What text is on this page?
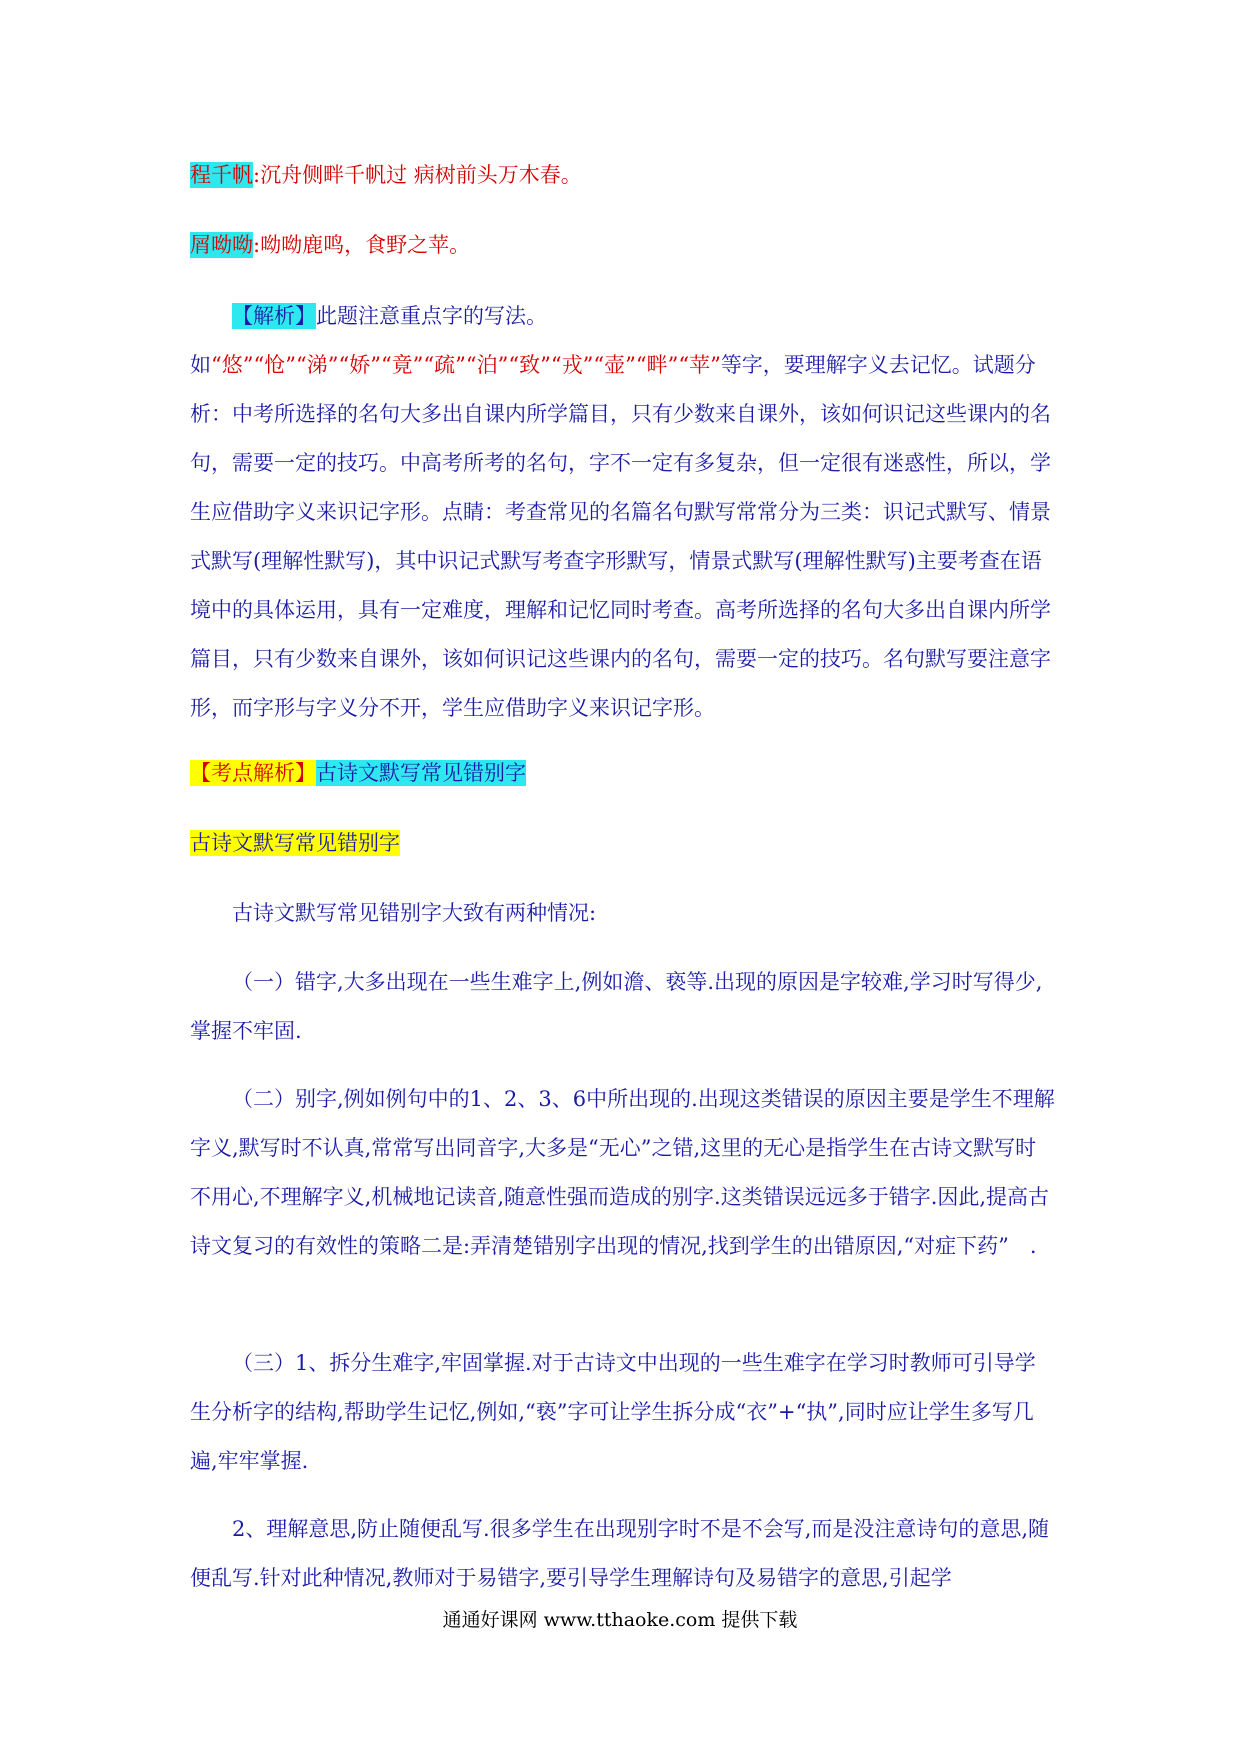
程千帆:沉舟侧畔千帆过 病树前头万木春。
屑呦呦:呦呦鹿鸣，食野之苹。
【解析】此题注意重点字的写法。如“悠”“怆”“涕”“娇”“竟”“疏”“泊”“致”“戎”“壶”“畔”“苹”等字，要理解字义去记忆。试题分析：中考所选择的名句大多出自课内所学篇目，只有少数来自课外，该如何识记这些课内的名句，需要一定的技巧。中高考所考的名句，字不一定有多复杂，但一定很有迷惑性，所以，学生应借助字义来识记字形。点睛：考查常见的名篇名句默写常常分为三类：识记式默写、情景式默写(理解性默写)，其中识记式默写考查字形默写，情景式默写(理解性默写)主要考查在语境中的具体运用，具有一定难度，理解和记忆同时考查。高考所选择的名句大多出自课内所学篇目，只有少数来自课外，该如何识记这些课内的名句，需要一定的技巧。名句默写要注意字形，而字形与字义分不开，学生应借助字义来识记字形。
【考点解析】古诗文默写常见错别字
古诗文默写常见错别字
古诗文默写常见错别字大致有两种情况:
（一）错字,大多出现在一些生难字上,例如澹、亵等.出现的原因是字较难,学习时写得少,掌握不牢固.
（二）别字,例如例句中的1、2、3、6中所出现的.出现这类错误的原因主要是学生不理解字义,默写时不认真,常常写出同音字,大多是“无心”之错,这里的无心是指学生在古诗文默写时不用心,不理解字义,机械地记读音,随意性强而造成的别字.这类错误远远多于错字.因此,提高古诗文复习的有效性的策略二是:弄清楚错别字出现的情况,找到学生的出错原因,“对症下药”　.
（三）1、拆分生难字,牢固掌握.对于古诗文中出现的一些生难字在学习时教师可引导学生分析字的结构,帮助学生记忆,例如,“亵”字可让学生拆分成“衣”+“执”,同时应让学生多写几遍,牢牢掌握.
2、理解意思,防止随便乱写.很多学生在出现别字时不是不会写,而是没注意诗句的意思,随便乱写.针对此种情况,教师对于易错字,要引导学生理解诗句及易错字的意思,引起学
通通好课网 www.tthaoke.com 提供下载
